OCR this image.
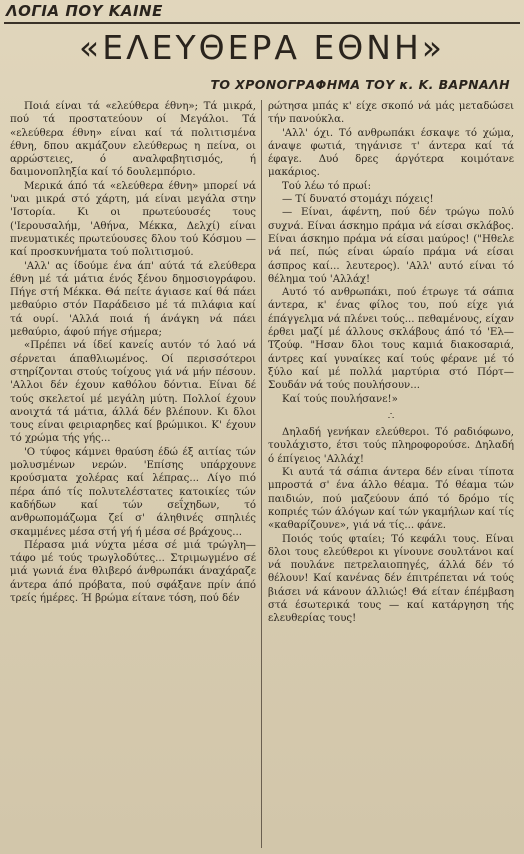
ΛΟΓΙΑ ΠΟΥ ΚΑΙΝΕ
«ΕΛΕΥΘΕΡΑ ΕΘΝΗ»
ΤΟ ΧΡΟΝΟΓΡΑΦΗΜΑ ΤΟΥ κ. Κ. ΒΑΡΝΑΛΗ

Ποιά είναι τά «ελεύθερα έθνη»; Τά μικρά, πού τά προστατεύουν οί Μεγάλοι. Τά «ελεύθερα έθνη» είναι καί τά πολιτισμένα έθνη, δπου ακμάζουν ελεύθερως η πείνα, οι αρρώστειες, ό αναλφαβητισμός, ή δαιμονοπληξία καί τό δουλεμπόριο.

Μερικά άπό τά «ελεύθερα έθνη» μπορεί νά 'ναι μικρά στό χάρτη, μά είναι μεγάλα στην 'Ιστορία. Κι οι πρωτεύουσές τους ('Ιερουσαλήμ, 'Αθήνα, Μέκκα, Δελχί) είναι πνευματικές πρωτεύουσες δλου τού Κόσμου — καί προσκυνήματα τού πολιτισμού.

'Αλλ' ας ίδούμε ένα άπ' αύτά τά ελεύθερα έθνη μέ τά μάτια ένός ξένου δημοσιογράφου. Πήγε στή Μέκκα. Θά πείτε άγιασε καί θά πάει μεθαύριο στόν Παράδεισο μέ τά πιλάφια καί τά ουρί. 'Αλλά ποιά ή άνάγκη νά πάει μεθαύριο, άφού πήγε σήμερα;

«Πρέπει νά ίδεί κανείς αυτόν τό λαό νά σέρνεται άπαθλιωμένος. Οί περισσότεροι στηρίζονται στούς τοίχους γιά νά μήν πέσουν. 'Αλλοι δέν έχουν καθόλου δόντια. Είναι δέ τούς σκελετοί μέ μεγάλη μύτη. Πολλοί έχουν ανοιχτά τά μάτια, άλλά δέν βλέπουν. Κι δλοι τους είναι φειριαρηδες καί βρώμικοι. Κ' έχουν τό χρώμα τής γής...

'Ο τύφος κάμνει θραύση έδώ έξ αιτίας τών μολυσμένων νερών. 'Επίσης υπάρχουνε κρούσματα χολέρας καί λέπρας... Λίγο πιό πέρα άπό τίς πολυτελέστατες κατοικίες τών καδήδων καί τών σεΐχηδων, τό ανθρωπομάζωμα ζεί σ' άληθινές σπηλιές σκαμμένες μέσα στή γή ή μέσα σέ βράχους...

Πέρασα μιά νύχτα μέσα σέ μιά τρώγλη—τάφο μέ τούς τρωγλοδύτες... Στριμωγμένο σέ μιά γωνιά ένα θλιβερό άνθρωπάκι άναχάραζε άντερα άπό πρόβατα, πού σφάξανε πρίν άπό τρείς ήμέρες. Ή βρώμα είτανε τόση, πού δέν

ρώτησα μπάς κ' είχε σκοπό νά μάς μεταδώσει τήν πανούκλα.

'Αλλ' όχι. Τό ανθρωπάκι έσκαψε τό χώμα, άναψε φωτιά, τηγάνισε τ' άντερα καί τά έφαγε. Δυό δρες άργότερα κοιμότανε μακάριος.

Τού λέω τό πρωί:

— Τί δυνατό στομάχι πόχεις!

— Είναι, άφέντη, πού δέν τρώγω πολύ συχνά. Είναι άσκημο πράμα νά είσαι σκλάβος. Είναι άσκημο πράμα νά είσαι μαύρος! ("Ηθελε νά πεί, πώς είναι ώραίο πράμα νά είσαι άσπρος καί... λευτερος). 'Αλλ' αυτό είναι τό θέλημα τού 'Αλλάχ!

Αυτό τό ανθρωπάκι, πού έτρωγε τά σάπια άντερα, κ' ένας φίλος του, πού είχε γιά έπάγγελμα νά πλένει τούς... πεθαμένους, είχαν έρθει μαζί μέ άλλους σκλάβους άπό τό 'Ελ—Τζούφ. "Ησαν δλοι τους καμιά διακοσαριά, άντρες καί γυναίκες καί τούς φέρανε μέ τό ξύλο καί μέ πολλά μαρτύρια στό Πόρτ—Σουδάν νά τούς πουλήσουν...

Καί τούς πουλήσανε!»

∴

Δηλαδή γενήκαν ελεύθεροι. Τό ραδιόφωνο, τουλάχιστο, έτσι τούς πληροφορούσε. Δηλαδή ό έπίγειος 'Αλλάχ!

Κι αυτά τά σάπια άντερα δέν είναι τίποτα μπροστά σ' ένα άλλο θέαμα. Τό θέαμα τών παιδιών, πού μαζεύουν άπό τό δρόμο τίς κοπριές τών άλόγων καί τών γκαμήλων καί τίς «καθαρίζουνε», γιά νά τίς... φάνε.

Ποιός τούς φταίει; Τό κεφάλι τους. Είναι δλοι τους ελεύθεροι κι γίνουνε σουλτάνοι καί νά πουλάνε πετρελαιοπηγές, άλλά δέν τό θέλουν! Καί κανένας δέν έπιτρέπεται νά τούς βιάσει νά κάνουν άλλιώς! Θά είταν έπέμβαση στά έσωτερικά τους — καί κατάργηση τής ελευθερίας τους!
